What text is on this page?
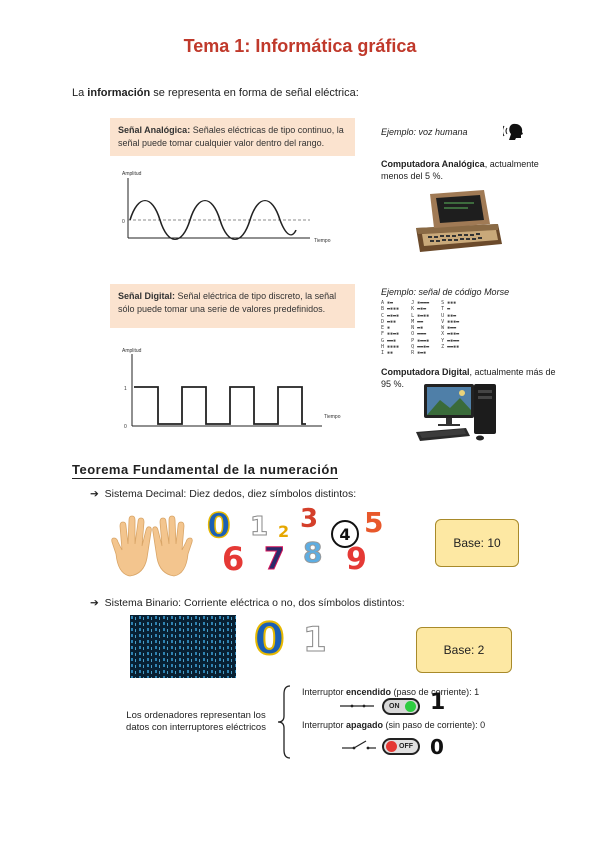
Tema 1: Informática gráfica
La información se representa en forma de señal eléctrica:
Señal Analógica: Señales eléctricas de tipo continuo, la señal puede tomar cualquier valor dentro del rango.
Amplitud
0
Tiempo
Ejemplo: voz humana
Computadora Analógica, actualmente menos del 5 %.
Señal Digital: Señal eléctrica de tipo discreto, la señal sólo puede tomar una serie de valores predefinidos.
Amplitud
1
0
Tiempo
Ejemplo: señal de código Morse
A ▪▬
B ▬▪▪▪
C ▬▪▬▪
D ▬▪▪
E ▪
F ▪▪▬▪
G ▬▬▪
H ▪▪▪▪
I ▪▪
J ▪▬▬▬
K ▬▪▬
L ▪▬▪▪
M ▬▬
N ▬▪
O ▬▬▬
P ▪▬▬▪
Q ▬▬▪▬
R ▪▬▪
S ▪▪▪
T ▬
U ▪▪▬
V ▪▪▪▬
W ▪▬▬
X ▬▪▪▬
Y ▬▪▬▬
Z ▬▬▪▪
Computadora Digital, actualmente más de 95 %.
Teorema Fundamental de la numeración
➔ Sistema Decimal: Diez dedos, diez símbolos distintos:
0 1 2 3	4 5
6 7 8 9	Base: 10
➔ Sistema Binario: Corriente eléctrica o no, dos símbolos distintos:
0 1	Base: 2
Los ordenadores representan los datos con interruptores eléctricos
Interruptor encendido (paso de corriente): 1
ON 1
Interruptor apagado (sin paso de corriente): 0
OFF 0
